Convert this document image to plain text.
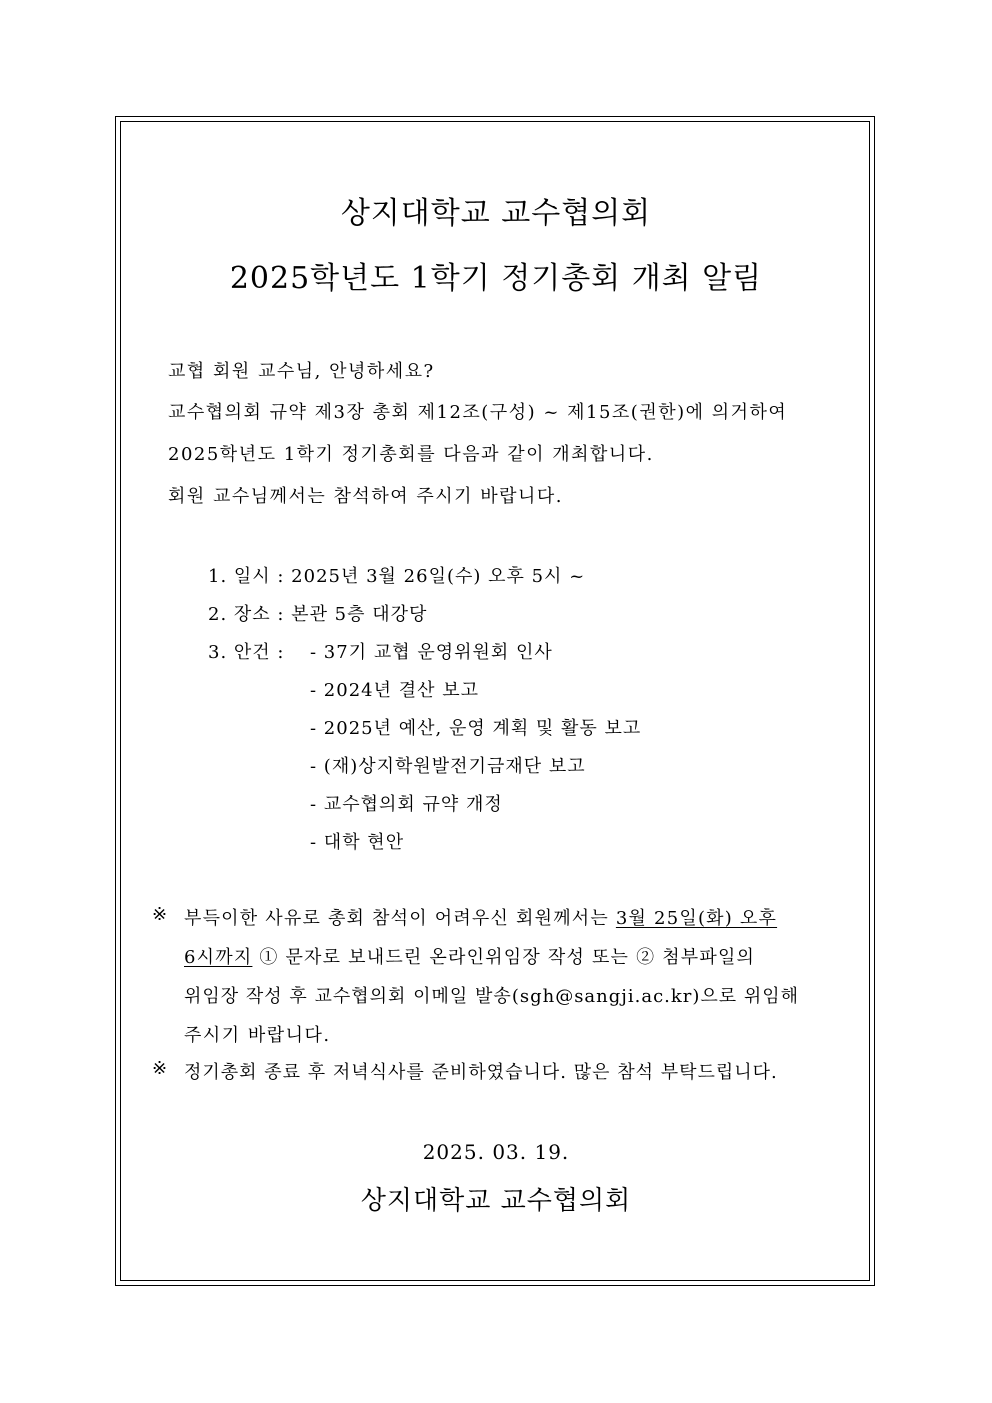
상지대학교 교수협의회
2025학년도 1학기 정기총회 개최 알림
교협 회원 교수님, 안녕하세요?
교수협의회 규약 제3장 총회 제12조(구성) ~ 제15조(권한)에 의거하여
2025학년도 1학기 정기총회를 다음과 같이 개최합니다.
회원 교수님께서는 참석하여 주시기 바랍니다.
1. 일시 : 2025년 3월 26일(수) 오후 5시 ~
2. 장소 : 본관 5층 대강당
3. 안건 : - 37기 교협 운영위원회 인사
- 2024년 결산 보고
- 2025년 예산, 운영 계획 및 활동 보고
- (재)상지학원발전기금재단 보고
- 교수협의회 규약 개정
- 대학 현안
※ 부득이한 사유로 총회 참석이 어려우신 회원께서는 3월 25일(화) 오후
6시까지 ① 문자로 보내드린 온라인위임장 작성 또는 ② 첨부파일의
위임장 작성 후 교수협의회 이메일 발송(sgh@sangji.ac.kr)으로 위임해
주시기 바랍니다.
※ 정기총회 종료 후 저녁식사를 준비하였습니다. 많은 참석 부탁드립니다.
2025. 03. 19.
상지대학교 교수협의회
